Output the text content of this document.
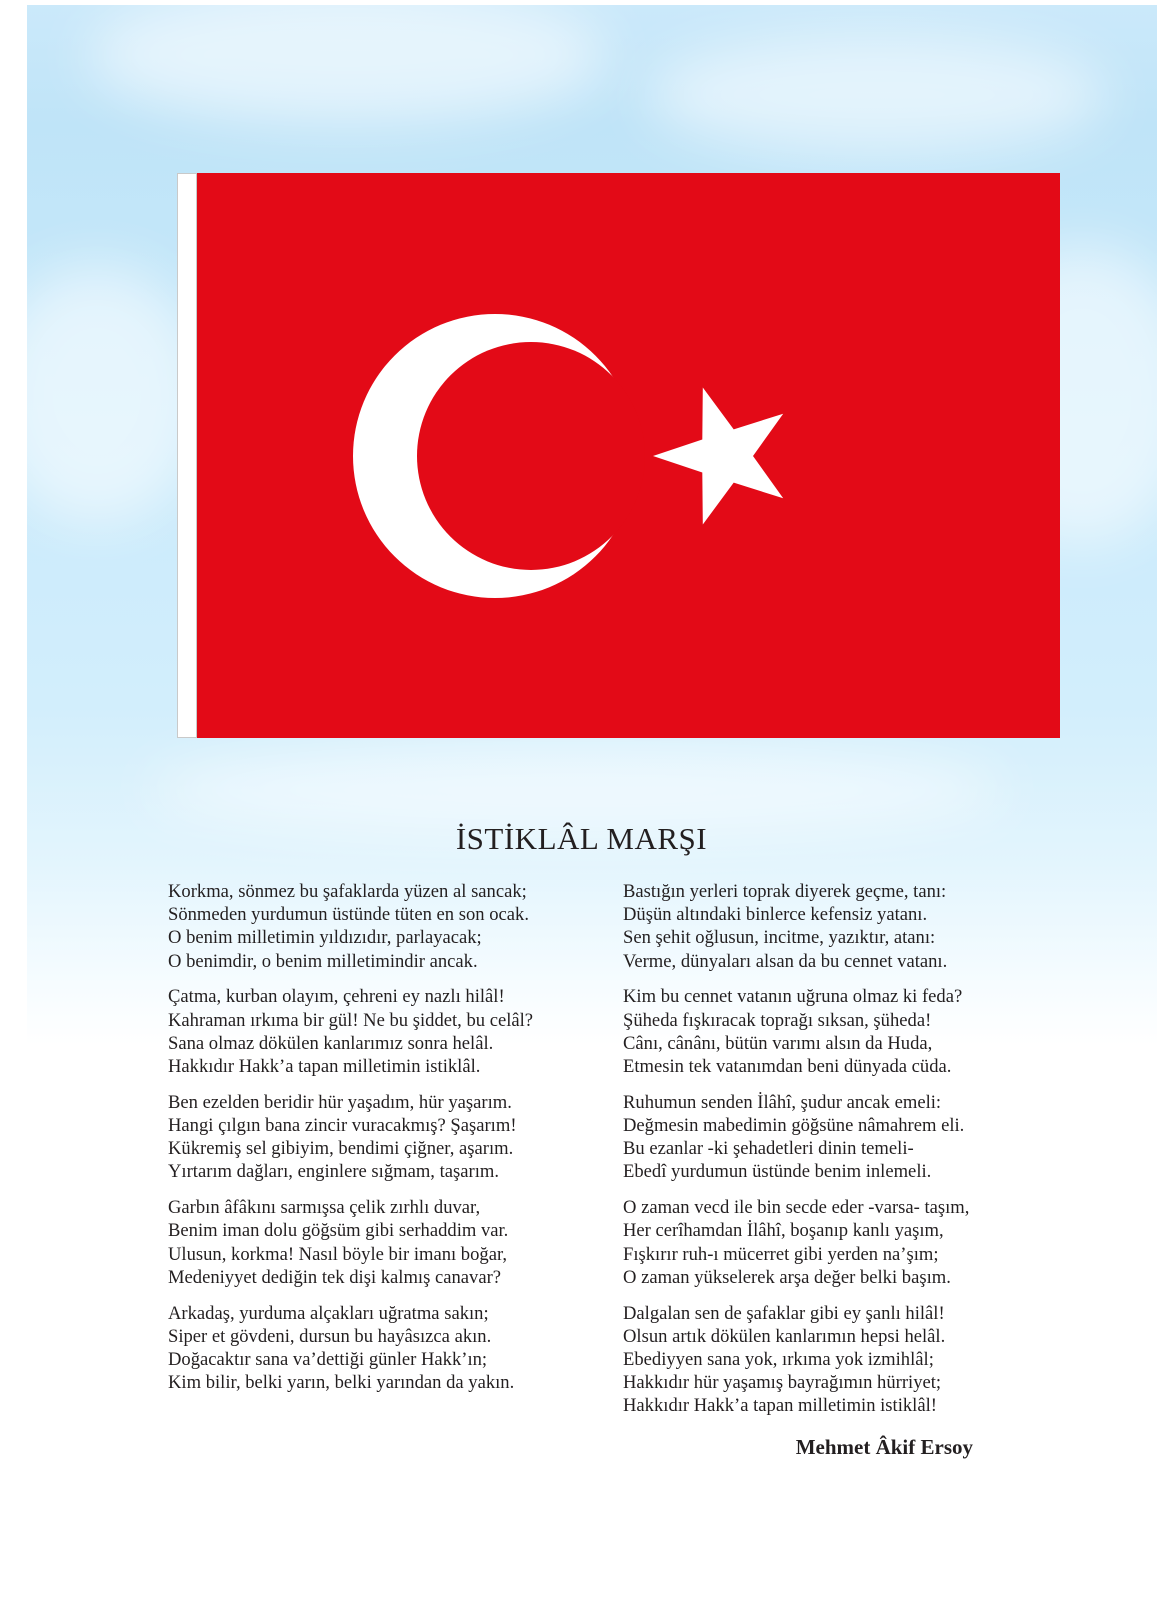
İSTİKLÂL MARŞI
Korkma, sönmez bu şafaklarda yüzen al sancak;
Sönmeden yurdumun üstünde tüten en son ocak.
O benim milletimin yıldızıdır, parlayacak;
O benimdir, o benim milletimindir ancak.
Çatma, kurban olayım, çehreni ey nazlı hilâl!
Kahraman ırkıma bir gül! Ne bu şiddet, bu celâl?
Sana olmaz dökülen kanlarımız sonra helâl.
Hakkıdır Hakk’a tapan milletimin istiklâl.
Ben ezelden beridir hür yaşadım, hür yaşarım.
Hangi çılgın bana zincir vuracakmış? Şaşarım!
Kükremiş sel gibiyim, bendimi çiğner, aşarım.
Yırtarım dağları, enginlere sığmam, taşarım.
Garbın âfâkını sarmışsa çelik zırhlı duvar,
Benim iman dolu göğsüm gibi serhaddim var.
Ulusun, korkma! Nasıl böyle bir imanı boğar,
Medeniyyet dediğin tek dişi kalmış canavar?
Arkadaş, yurduma alçakları uğratma sakın;
Siper et gövdeni, dursun bu hayâsızca akın.
Doğacaktır sana va’dettiği günler Hakk’ın;
Kim bilir, belki yarın, belki yarından da yakın.
Bastığın yerleri toprak diyerek geçme, tanı:
Düşün altındaki binlerce kefensiz yatanı.
Sen şehit oğlusun, incitme, yazıktır, atanı:
Verme, dünyaları alsan da bu cennet vatanı.
Kim bu cennet vatanın uğruna olmaz ki feda?
Şüheda fışkıracak toprağı sıksan, şüheda!
Cânı, cânânı, bütün varımı alsın da Huda,
Etmesin tek vatanımdan beni dünyada cüda.
Ruhumun senden İlâhî, şudur ancak emeli:
Değmesin mabedimin göğsüne nâmahrem eli.
Bu ezanlar -ki şehadetleri dinin temeli-
Ebedî yurdumun üstünde benim inlemeli.
O zaman vecd ile bin secde eder -varsa- taşım,
Her cerîhamdan İlâhî, boşanıp kanlı yaşım,
Fışkırır ruh-ı mücerret gibi yerden na’şım;
O zaman yükselerek arşa değer belki başım.
Dalgalan sen de şafaklar gibi ey şanlı hilâl!
Olsun artık dökülen kanlarımın hepsi helâl.
Ebediyyen sana yok, ırkıma yok izmihlâl;
Hakkıdır hür yaşamış bayrağımın hürriyet;
Hakkıdır Hakk’a tapan milletimin istiklâl!
Mehmet Âkif Ersoy
